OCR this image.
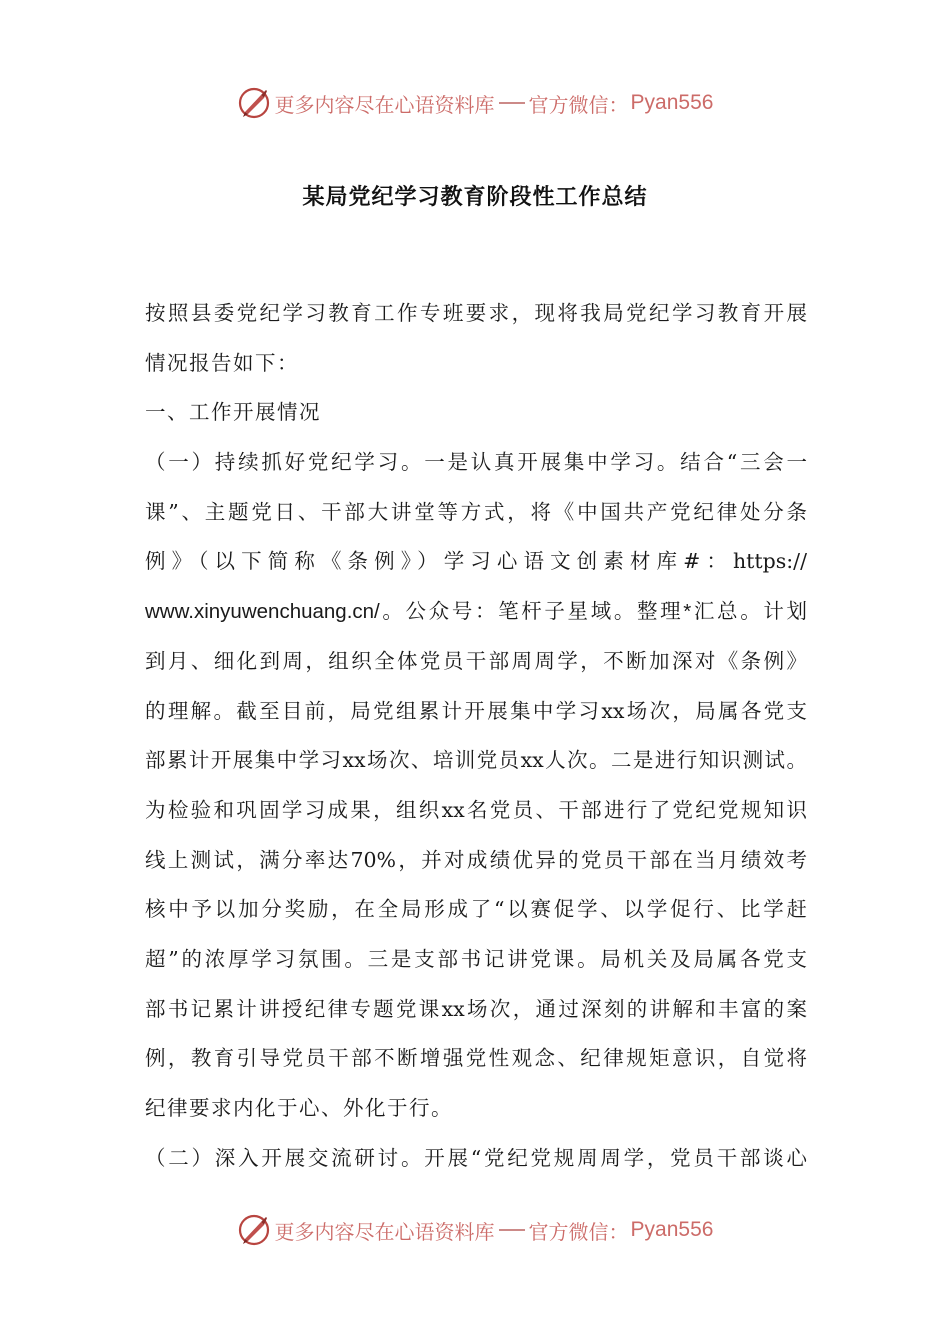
更多内容尽在心语资料库 官方微信： Pyan556
某局党纪学习教育阶段性工作总结
按照县委党纪学习教育工作专班要求，现将我局党纪学习教育开展
情况报告如下：
一、工作开展情况
（一）持续抓好党纪学习。一是认真开展集中学习。结合“三会一
课”、主题党日、干部大讲堂等方式，将《中国共产党纪律处分条
例》（以下简称《条例》）学习心语文创素材库#：https://
www.xinyuwenchuang.cn/。公众号：笔杆子星域。整理*汇总。计划
到月、细化到周，组织全体党员干部周周学，不断加深对《条例》
的理解。截至目前，局党组累计开展集中学习xx场次，局属各党支
部累计开展集中学习xx场次、培训党员xx人次。二是进行知识测试。
为检验和巩固学习成果，组织xx名党员、干部进行了党纪党规知识
线上测试，满分率达70%，并对成绩优异的党员干部在当月绩效考
核中予以加分奖励，在全局形成了“以赛促学、以学促行、比学赶
超”的浓厚学习氛围。三是支部书记讲党课。局机关及局属各党支
部书记累计讲授纪律专题党课xx场次，通过深刻的讲解和丰富的案
例，教育引导党员干部不断增强党性观念、纪律规矩意识，自觉将
纪律要求内化于心、外化于行。
（二）深入开展交流研讨。开展“党纪党规周周学，党员干部谈心
更多内容尽在心语资料库 官方微信： Pyan556
